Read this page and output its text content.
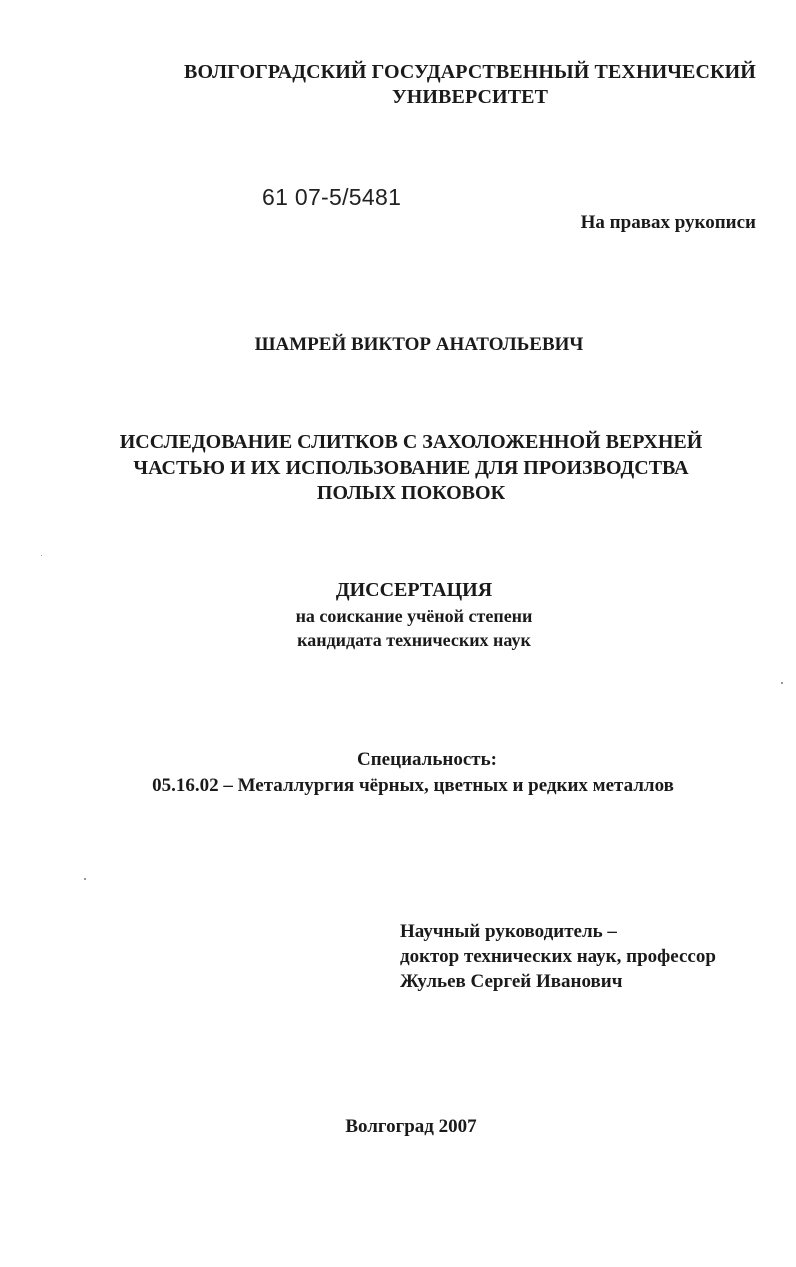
ВОЛГОГРАДСКИЙ ГОСУДАРСТВЕННЫЙ ТЕХНИЧЕСКИЙ
УНИВЕРСИТЕТ
61 07-5/5481
На правах рукописи
ШАМРЕЙ ВИКТОР АНАТОЛЬЕВИЧ
ИССЛЕДОВАНИЕ СЛИТКОВ С ЗАХОЛОЖЕННОЙ ВЕРХНЕЙ
ЧАСТЬЮ И ИХ ИСПОЛЬЗОВАНИЕ ДЛЯ ПРОИЗВОДСТВА
ПОЛЫХ ПОКОВОК
ДИССЕРТАЦИЯ
на соискание учёной степени
кандидата технических наук
Специальность:
05.16.02 – Металлургия чёрных, цветных и редких металлов
Научный руководитель –
доктор технических наук, профессор
Жульев Сергей Иванович
Волгоград 2007
